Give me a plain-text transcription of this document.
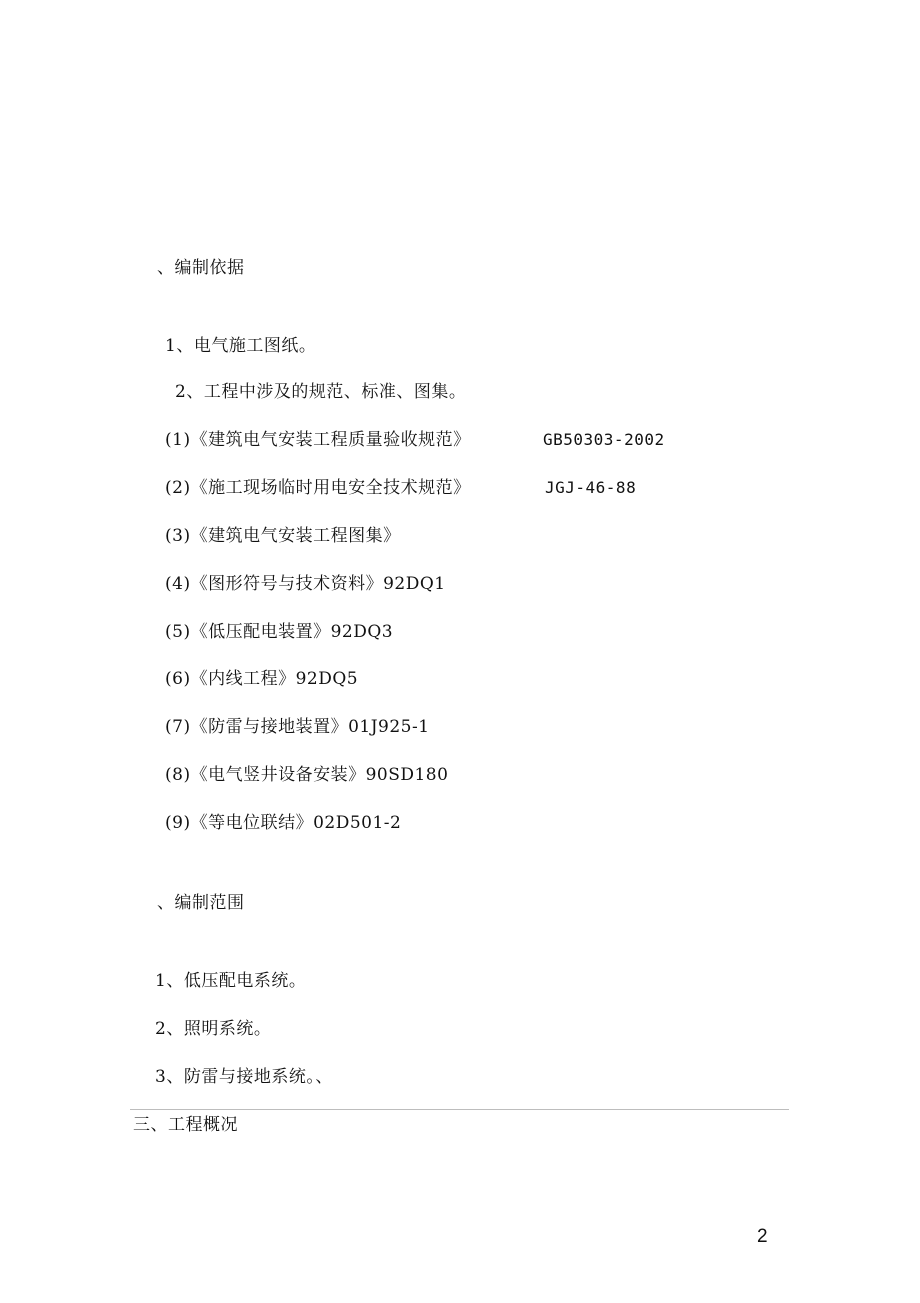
、编制依据
1、电气施工图纸。
2、工程中涉及的规范、标准、图集。
(1)《建筑电气安装工程质量验收规范》	GB50303-2002
(2)《施工现场临时用电安全技术规范》	JGJ-46-88
(3)《建筑电气安装工程图集》
(4)《图形符号与技术资料》92DQ1
(5)《低压配电装置》92DQ3
(6)《内线工程》92DQ5
(7)《防雷与接地装置》01J925-1
(8)《电气竖井设备安装》90SD180
(9)《等电位联结》02D501-2
、编制范围
1、低压配电系统。
2、照明系统。
3、防雷与接地系统。、
三、工程概况
2
